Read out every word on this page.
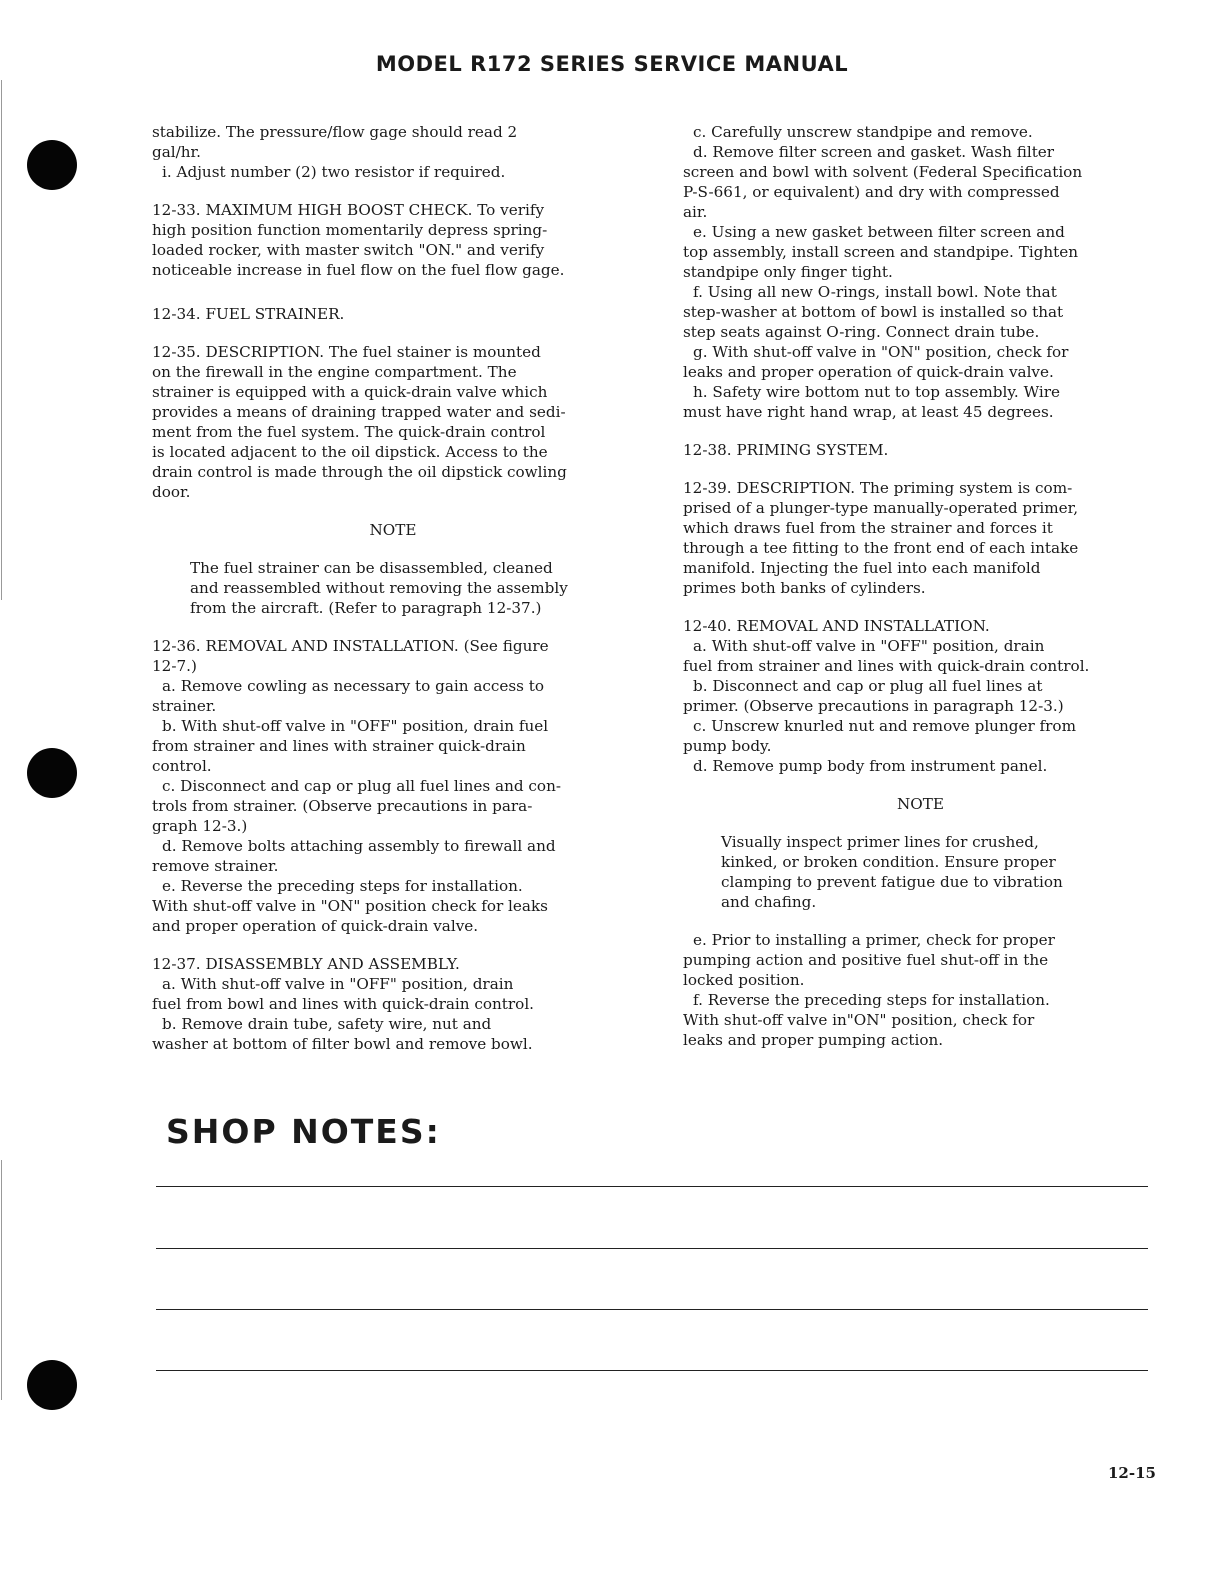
MODEL R172 SERIES SERVICE MANUAL

stabilize. The pressure/flow gage should read 2

gal/hr.

i. Adjust number (2) two resistor if required.

12-33. MAXIMUM HIGH BOOST CHECK. To verify

high position function momentarily depress spring-

loaded rocker, with master switch "ON." and verify

noticeable increase in fuel flow on the fuel flow gage.

12-34. FUEL STRAINER.

12-35. DESCRIPTION. The fuel stainer is mounted

on the firewall in the engine compartment. The

strainer is equipped with a quick-drain valve which

provides a means of draining trapped water and sedi-

ment from the fuel system. The quick-drain control

is located adjacent to the oil dipstick. Access to the

drain control is made through the oil dipstick cowling

door.

NOTE

The fuel strainer can be disassembled, cleaned

and reassembled without removing the assembly

from the aircraft. (Refer to paragraph 12-37.)

12-36. REMOVAL AND INSTALLATION. (See figure

12-7.)

a. Remove cowling as necessary to gain access to

strainer.

b. With shut-off valve in "OFF" position, drain fuel

from strainer and lines with strainer quick-drain

control.

c. Disconnect and cap or plug all fuel lines and con-

trols from strainer. (Observe precautions in para-

graph 12-3.)

d. Remove bolts attaching assembly to firewall and

remove strainer.

e. Reverse the preceding steps for installation.

With shut-off valve in "ON" position check for leaks

and proper operation of quick-drain valve.

12-37. DISASSEMBLY AND ASSEMBLY.

a. With shut-off valve in "OFF" position, drain

fuel from bowl and lines with quick-drain control.

b. Remove drain tube, safety wire, nut and

washer at bottom of filter bowl and remove bowl.

c. Carefully unscrew standpipe and remove.

d. Remove filter screen and gasket. Wash filter

screen and bowl with solvent (Federal Specification

P-S-661, or equivalent) and dry with compressed

air.

e. Using a new gasket between filter screen and

top assembly, install screen and standpipe. Tighten

standpipe only finger tight.

f. Using all new O-rings, install bowl. Note that

step-washer at bottom of bowl is installed so that

step seats against O-ring. Connect drain tube.

g. With shut-off valve in "ON" position, check for

leaks and proper operation of quick-drain valve.

h. Safety wire bottom nut to top assembly. Wire

must have right hand wrap, at least 45 degrees.

12-38. PRIMING SYSTEM.

12-39. DESCRIPTION. The priming system is com-

prised of a plunger-type manually-operated primer,

which draws fuel from the strainer and forces it

through a tee fitting to the front end of each intake

manifold. Injecting the fuel into each manifold

primes both banks of cylinders.

12-40. REMOVAL AND INSTALLATION.

a. With shut-off valve in "OFF" position, drain

fuel from strainer and lines with quick-drain control.

b. Disconnect and cap or plug all fuel lines at

primer. (Observe precautions in paragraph 12-3.)

c. Unscrew knurled nut and remove plunger from

pump body.

d. Remove pump body from instrument panel.

NOTE

Visually inspect primer lines for crushed,

kinked, or broken condition. Ensure proper

clamping to prevent fatigue due to vibration

and chafing.

e. Prior to installing a primer, check for proper

pumping action and positive fuel shut-off in the

locked position.

f. Reverse the preceding steps for installation.

With shut-off valve in"ON" position, check for

leaks and proper pumping action.

SHOP NOTES:
12-15
